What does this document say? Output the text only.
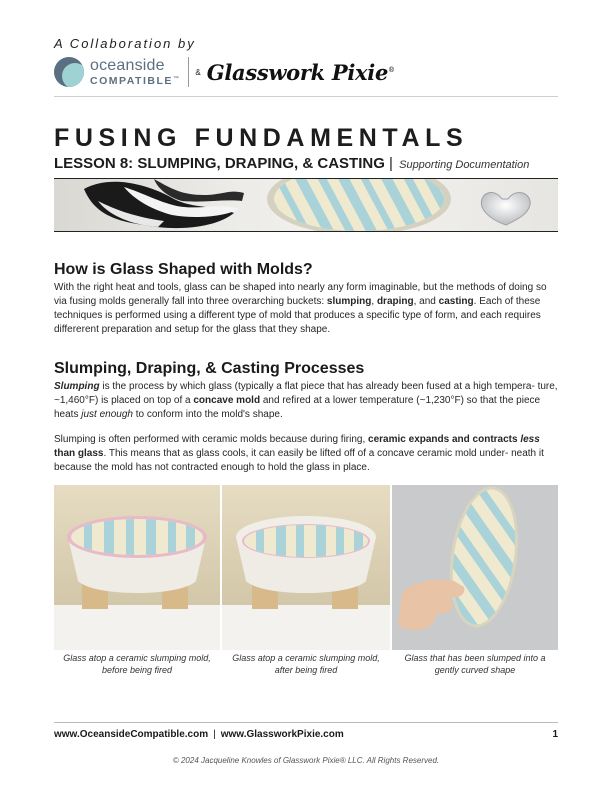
A Collaboration by
oceanside
COMPATIBLE™
& Glasswork Pixie®
FUSING FUNDAMENTALS
LESSON 8: SLUMPING, DRAPING, & CASTING | Supporting Documentation
How is Glass Shaped with Molds?

With the right heat and tools, glass can be shaped into nearly any form imaginable, but the methods of doing so via fusing molds generally fall into three overarching buckets: slumping, draping, and casting. Each of these techniques is performed using a different type of mold that produces a specific type of form, and each requires differerent preparation and setup for the glass that they shape.

Slumping, Draping, & Casting Processes

Slumping is the process by which glass (typically a flat piece that has already been fused at a high tempera- ture, ~1,460°F) is placed on top of a concave mold and refired at a lower temperature (~1,230°F) so that the piece heats just enough to conform into the mold's shape.

Slumping is often performed with ceramic molds because during firing, ceramic expands and contracts less than glass. This means that as glass cools, it can easily be lifted off of a concave ceramic mold under- neath it because the mold has not contracted enough to hold the glass in place.

Glass atop a ceramic slumping mold, before being fired
Glass atop a ceramic slumping mold, after being fired
Glass that has been slumped into a gently curved shape
www.OceansideCompatible.com | www.GlassworkPixie.com	1
© 2024 Jacqueline Knowles of Glasswork Pixie® LLC. All Rights Reserved.
